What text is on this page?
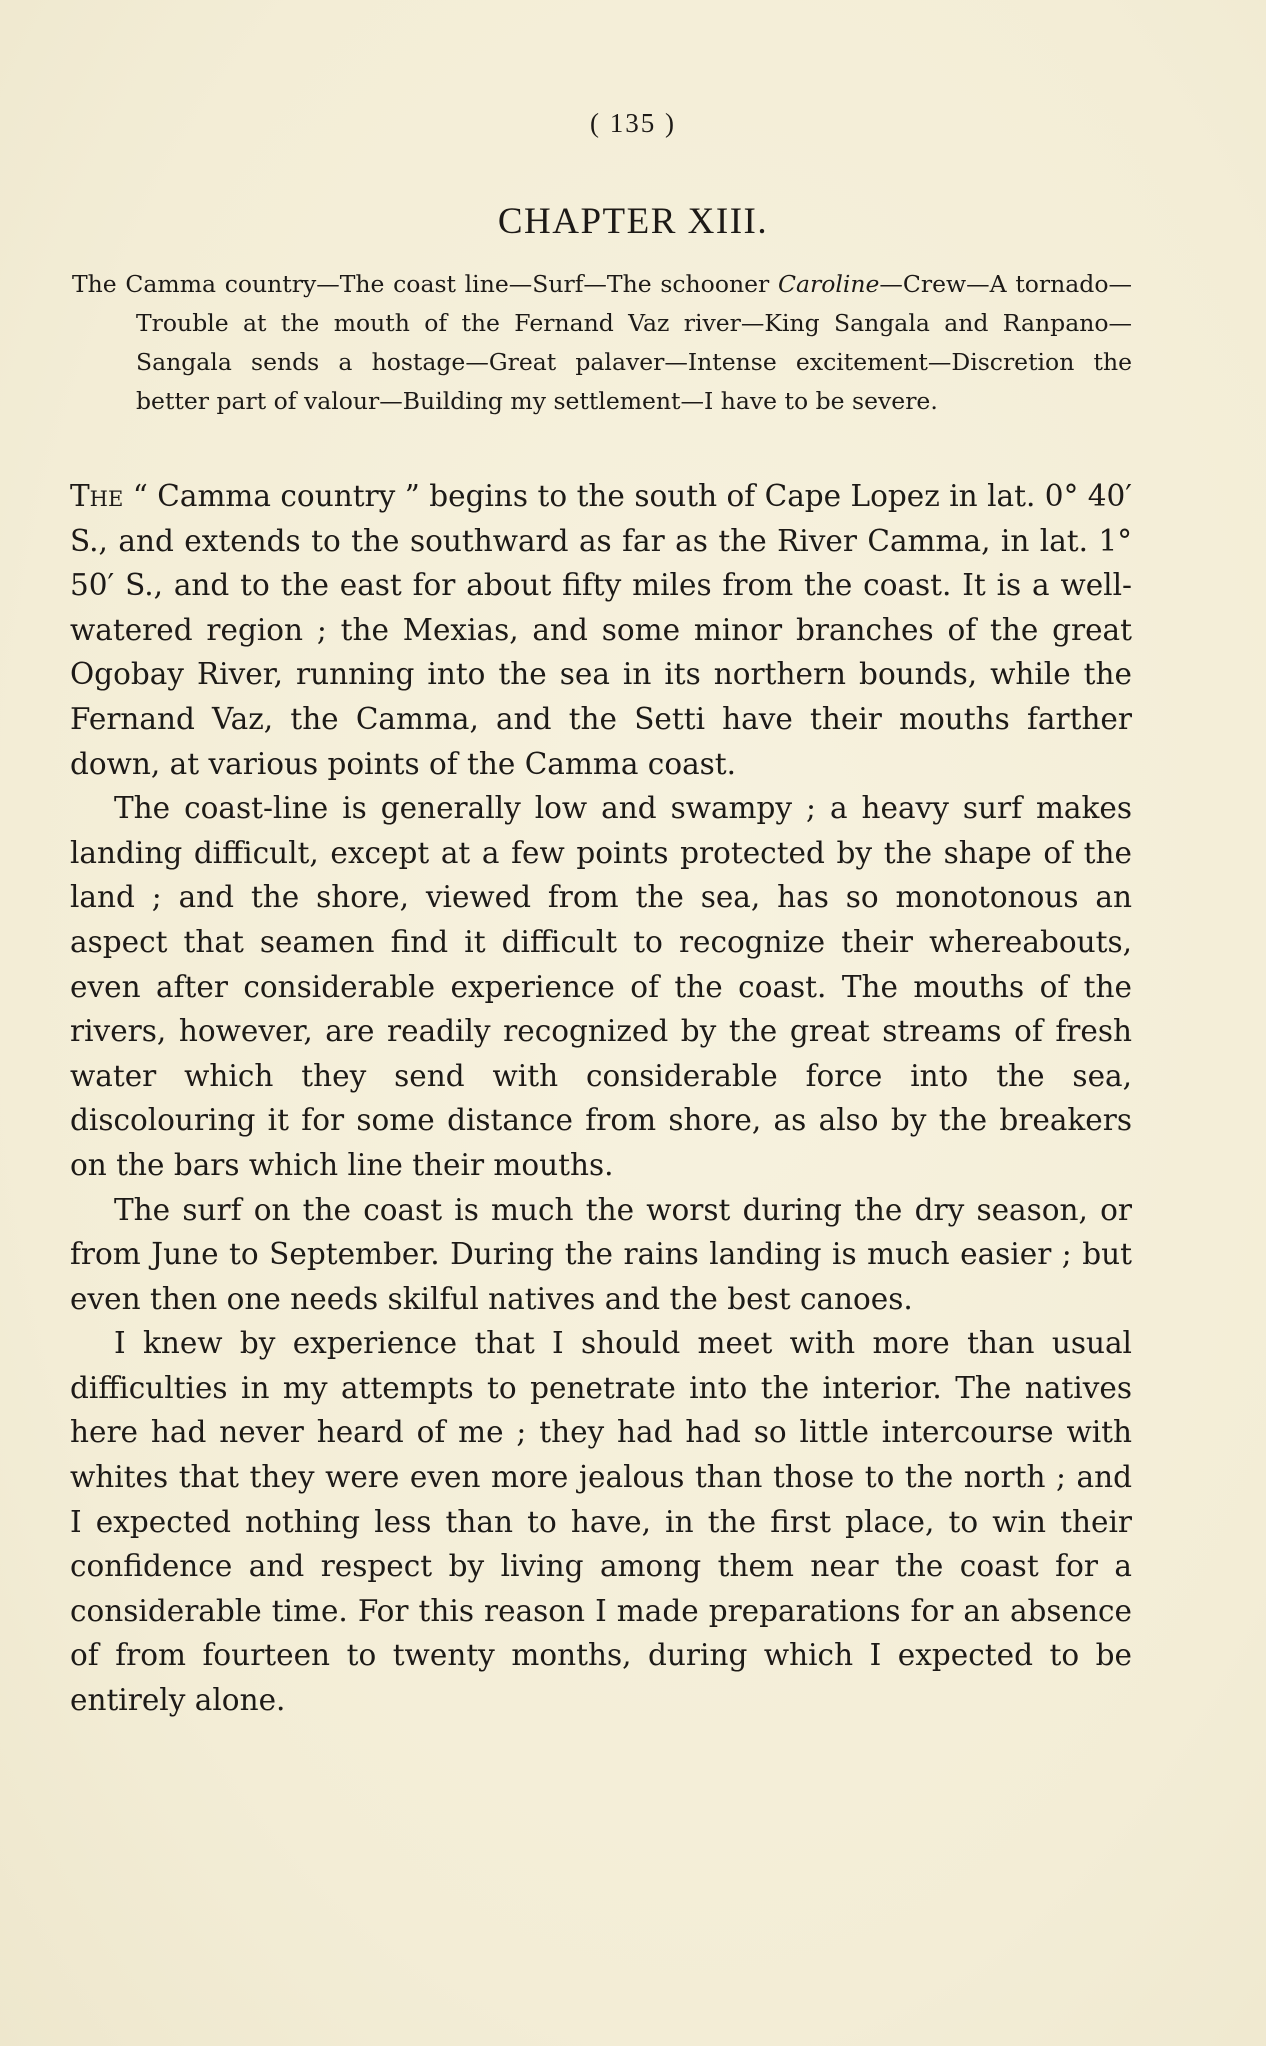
( 135 )
CHAPTER XIII.
The Camma country—The coast line—Surf—The schooner Caroline—Crew—A tornado—Trouble at the mouth of the Fernand Vaz river—King Sangala and Ranpano—Sangala sends a hostage—Great palaver—Intense excitement—Discretion the better part of valour—Building my settlement—I have to be severe.

The “ Camma country ” begins to the south of Cape Lopez in lat. 0° 40′ S., and extends to the southward as far as the River Camma, in lat. 1° 50′ S., and to the east for about fifty miles from the coast. It is a well-watered region ; the Mexias, and some minor branches of the great Ogobay River, running into the sea in its northern bounds, while the Fernand Vaz, the Camma, and the Setti have their mouths farther down, at various points of the Camma coast.

The coast-line is generally low and swampy ; a heavy surf makes landing difficult, except at a few points protected by the shape of the land ; and the shore, viewed from the sea, has so monotonous an aspect that seamen find it difficult to recognize their whereabouts, even after considerable experience of the coast. The mouths of the rivers, however, are readily recognized by the great streams of fresh water which they send with considerable force into the sea, discolouring it for some distance from shore, as also by the breakers on the bars which line their mouths.

The surf on the coast is much the worst during the dry season, or from June to September. During the rains landing is much easier ; but even then one needs skilful natives and the best canoes.

I knew by experience that I should meet with more than usual difficulties in my attempts to penetrate into the interior. The natives here had never heard of me ; they had had so little intercourse with whites that they were even more jealous than those to the north ; and I expected nothing less than to have, in the first place, to win their confidence and respect by living among them near the coast for a considerable time. For this reason I made preparations for an absence of from fourteen to twenty months, during which I expected to be entirely alone.
